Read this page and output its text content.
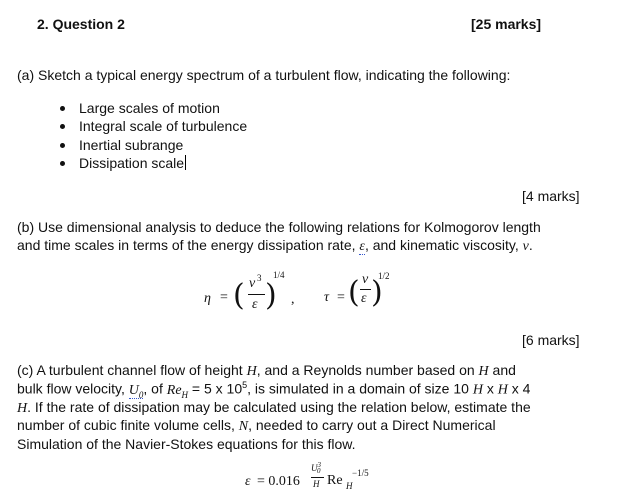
2. Question 2	[25 marks]
(a) Sketch a typical energy spectrum of a turbulent flow, indicating the following:
Large scales of motion
Integral scale of turbulence
Inertial subrange
Dissipation scale
[4 marks]
(b) Use dimensional analysis to deduce the following relations for Kolmogorov length
and time scales in terms of the energy dissipation rate, ε, and kinematic viscosity, ν.
η = ( ν 3
ε )
1/4
, τ = ( ν
ε )
1/2
[6 marks]
(c) A turbulent channel flow of height H, and a Reynolds number based on H and
bulk flow velocity, $U_0$, of $Re_H = 5$ x $10^5$, is simulated in a domain of size 10 H x H x 4
H. If the rate of dissipation may be calculated using the relation below, estimate the
number of cubic finite volume cells, N, needed to carry out a Direct Numerical
Simulation of the Navier-Stokes equations for this flow.
ε = 0.016
$U^3_0$
H Re H
−1/5
